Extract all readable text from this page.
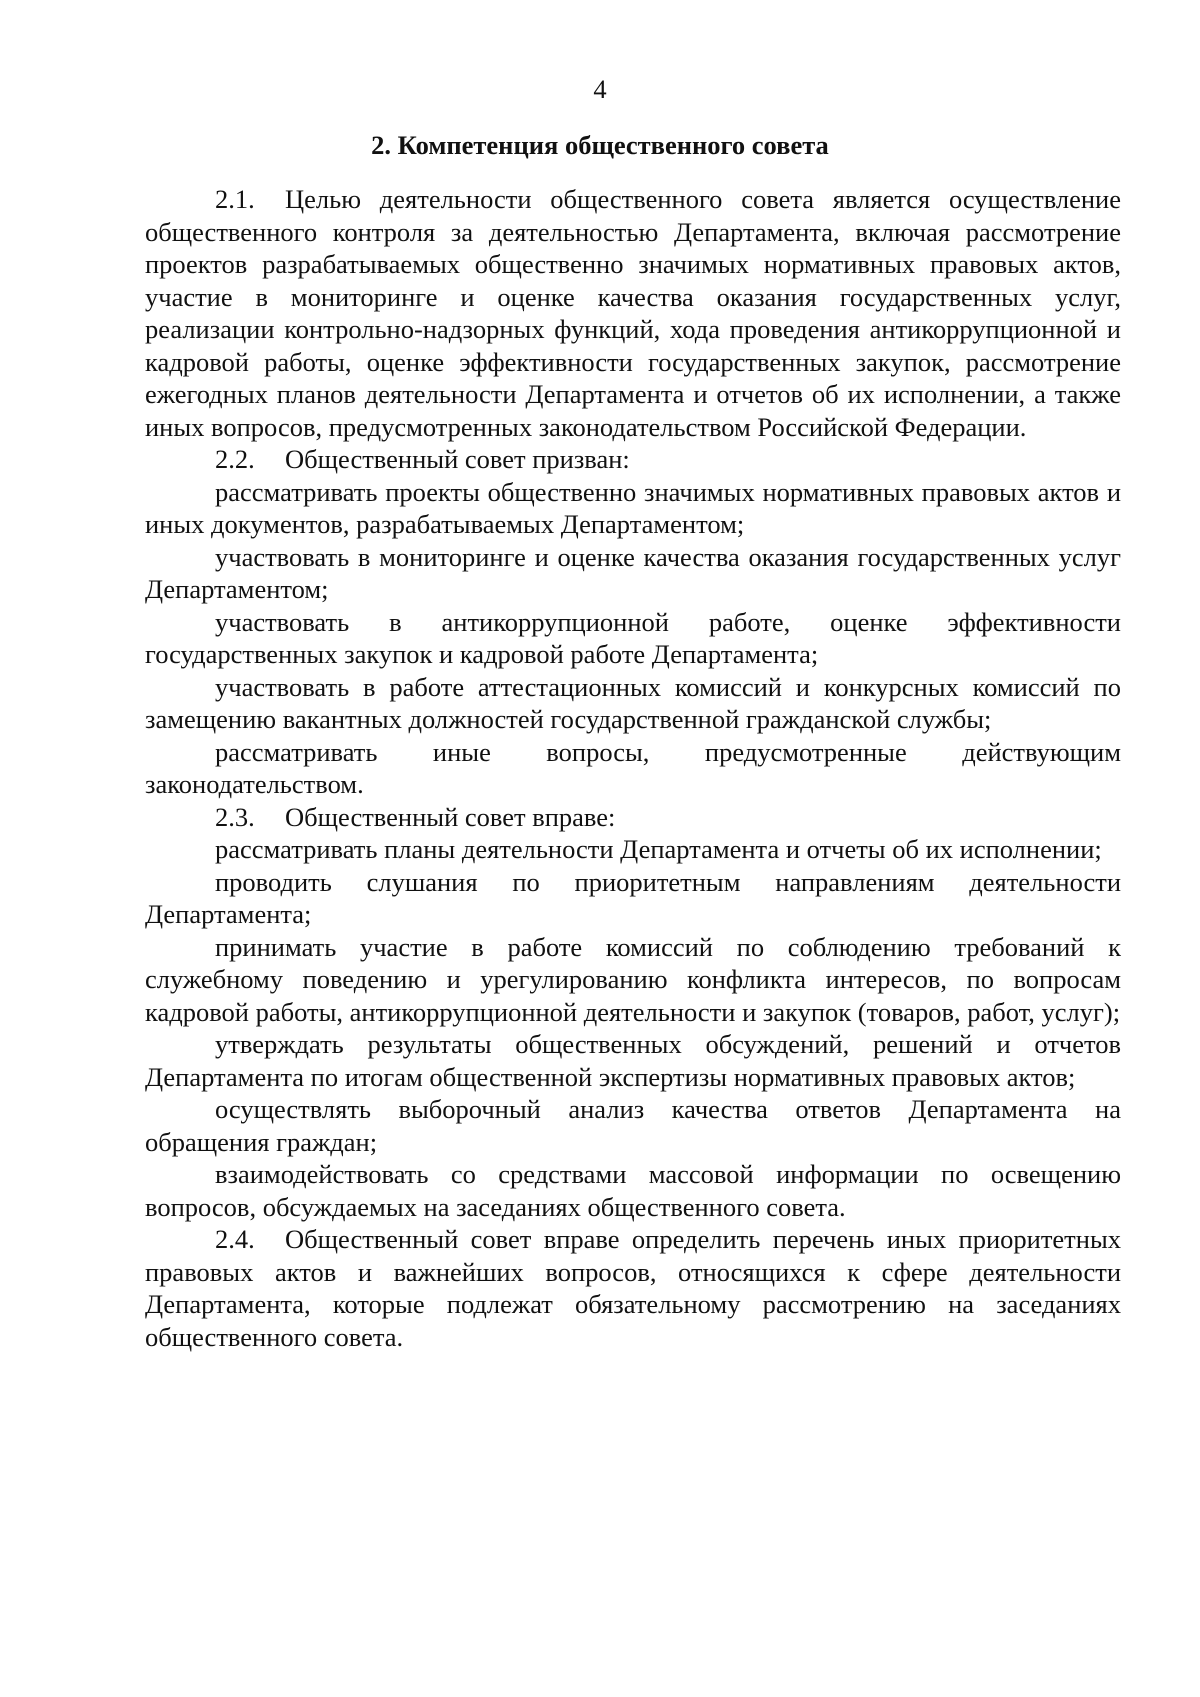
4
2. Компетенция общественного совета

2.1. Целью деятельности общественного совета является осуществление общественного контроля за деятельностью Департамента, включая рассмотрение проектов разрабатываемых общественно значимых нормативных правовых актов, участие в мониторинге и оценке качества оказания государственных услуг, реализации контрольно-надзорных функций, хода проведения антикоррупционной и кадровой работы, оценке эффективности государственных закупок, рассмотрение ежегодных планов деятельности Департамента и отчетов об их исполнении, а также иных вопросов, предусмотренных законодательством Российской Федерации.

2.2. Общественный совет призван:

рассматривать проекты общественно значимых нормативных правовых актов и иных документов, разрабатываемых Департаментом;

участвовать в мониторинге и оценке качества оказания государственных услуг Департаментом;

участвовать в антикоррупционной работе, оценке эффективности государственных закупок и кадровой работе Департамента;

участвовать в работе аттестационных комиссий и конкурсных комиссий по замещению вакантных должностей государственной гражданской службы;

рассматривать иные вопросы, предусмотренные действующим законодательством.

2.3. Общественный совет вправе:

рассматривать планы деятельности Департамента и отчеты об их исполнении;

проводить слушания по приоритетным направлениям деятельности Департамента;

принимать участие в работе комиссий по соблюдению требований к служебному поведению и урегулированию конфликта интересов, по вопросам кадровой работы, антикоррупционной деятельности и закупок (товаров, работ, услуг);

утверждать результаты общественных обсуждений, решений и отчетов Департамента по итогам общественной экспертизы нормативных правовых актов;

осуществлять выборочный анализ качества ответов Департамента на обращения граждан;

взаимодействовать со средствами массовой информации по освещению вопросов, обсуждаемых на заседаниях общественного совета.

2.4. Общественный совет вправе определить перечень иных приоритетных правовых актов и важнейших вопросов, относящихся к сфере деятельности Департамента, которые подлежат обязательному рассмотрению на заседаниях общественного совета.
